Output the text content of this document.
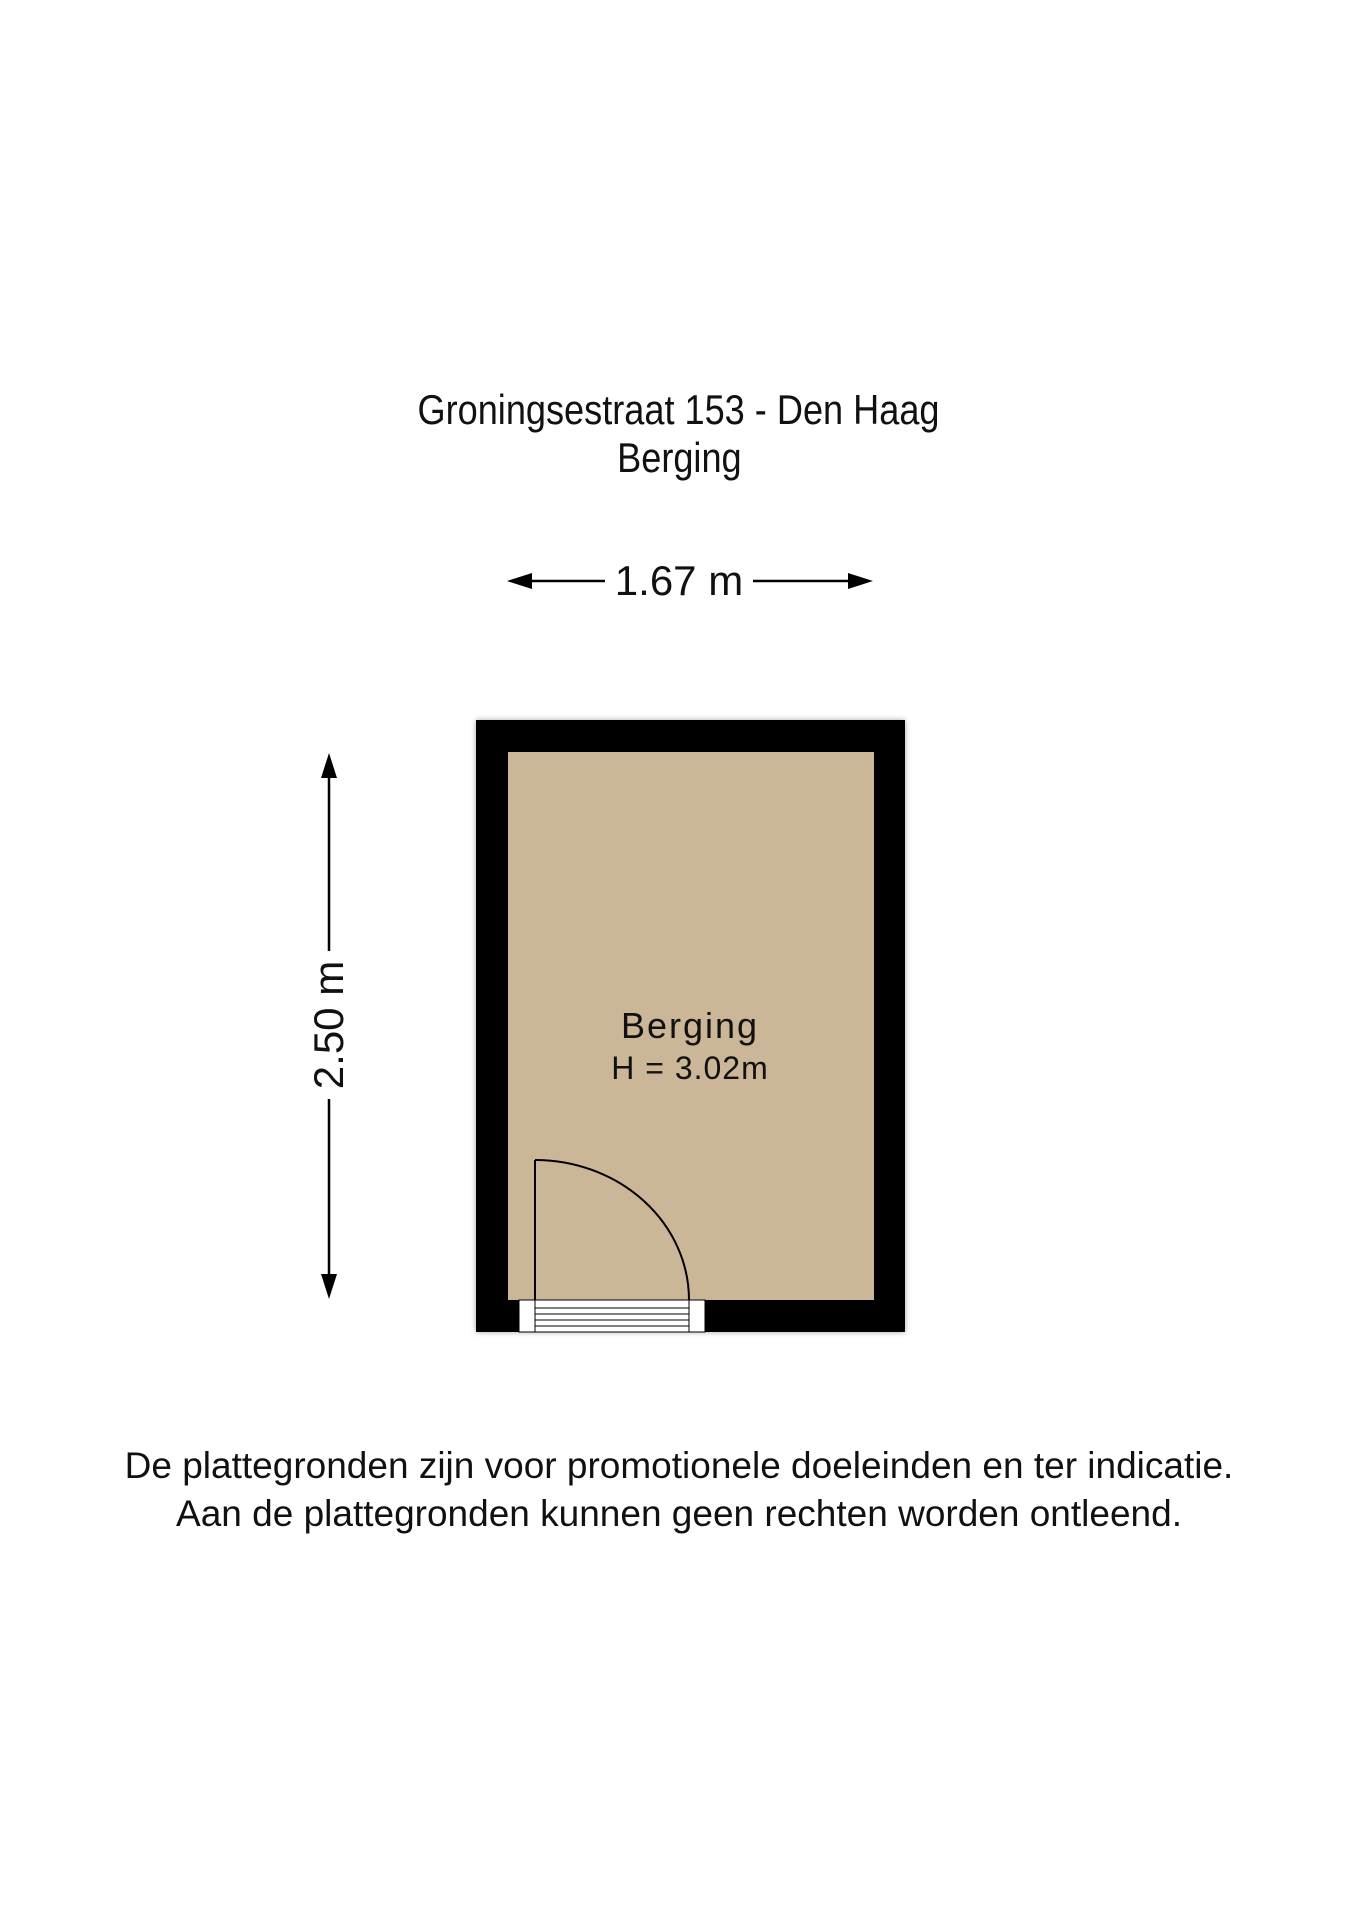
Groningsestraat 153 - Den Haag
Berging
1.67 m
2.50 m	Berging
H = 3.02m
De plattegronden zijn voor promotionele doeleinden en ter indicatie.
Aan de plattegronden kunnen geen rechten worden ontleend.
